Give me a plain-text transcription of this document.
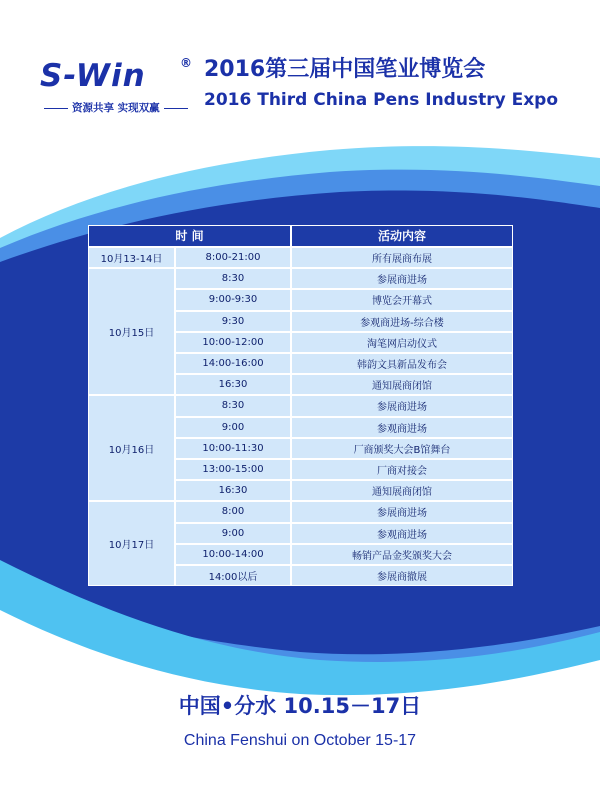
S-Win	®
资源共享 实现双赢
2016第三届中国笔业博览会
2016 Third China Pens Industry Expo
时 间	活动内容
10月13-14日	8:00-21:00	所有展商布展
10月15日
8:30	参展商进场
9:00-9:30	博览会开幕式
9:30	参观商进场-综合楼
10:00-12:00	淘笔网启动仪式
14:00-16:00	韩韵文具新品发布会
16:30	通知展商闭馆
10月16日
8:30	参展商进场
9:00	参观商进场
10:00-11:30	厂商颁奖大会B馆舞台
13:00-15:00	厂商对接会
16:30	通知展商闭馆
10月17日
8:00	参展商进场
9:00	参观商进场
10:00-14:00	畅销产品金奖颁奖大会
14:00以后	参展商撤展
中国•分水 10.15－17日
China Fenshui on October 15-17
